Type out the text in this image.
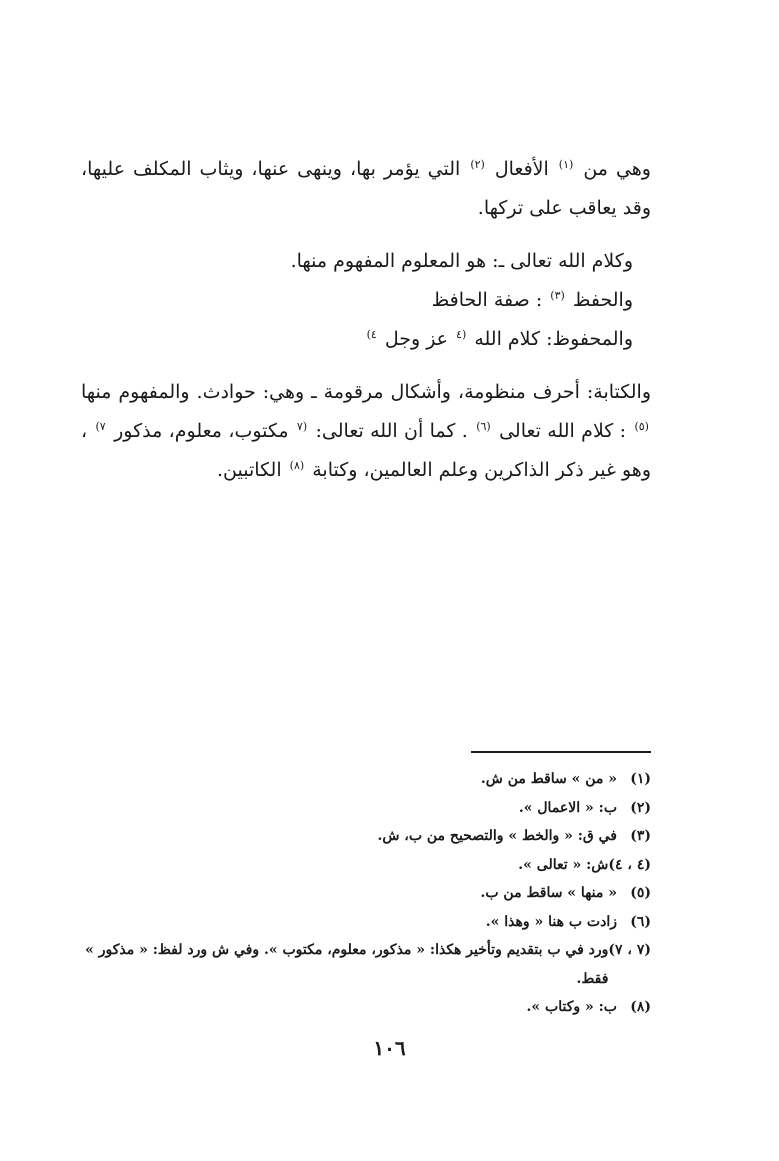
وهي من $^{(١)}$ الأفعال $^{(٢)}$ التي يؤمر بها، وينهى عنها، ويثاب المكلف عليها، وقد يعاقب على تركها.

وكلام الله تعالى ـ: هو المعلوم المفهوم منها.

والحفظ $^{(٣)}$ : صفة الحافظ

والمحفوظ: كلام الله $^{(٤}$ عز وجل $^{٤)}$

والكتابة: أحرف منظومة، وأشكال مرقومة ـ وهي: حوادث. والمفهوم منها $^{(٥)}$ : كلام الله تعالى $^{(٦)}$ . كما أن الله تعالى: $^{(٧}$ مكتوب، معلوم، مذكور $^{٧)}$ ، وهو غير ذكر الذاكرين وعلم العالمين، وكتابة $^{(٨)}$ الكاتبين.

(١)
« من » ساقط من ش.
(٢)
ب: « الاعمال ».
(٣)
في ق: « والخط » والتصحيح من ب، ش.
(٤ ، ٤)
ش: « تعالى ».
(٥)
« منها » ساقط من ب.
(٦)
زادت ب هنا « وهذا ».
(٧ ، ٧)
ورد في ب بتقديم وتأخير هكذا: « مذكور، معلوم، مكتوب ». وفي ش ورد لفظ: « مذكور » فقط.
(٨)
ب: « وكتاب ».
١٠٦
